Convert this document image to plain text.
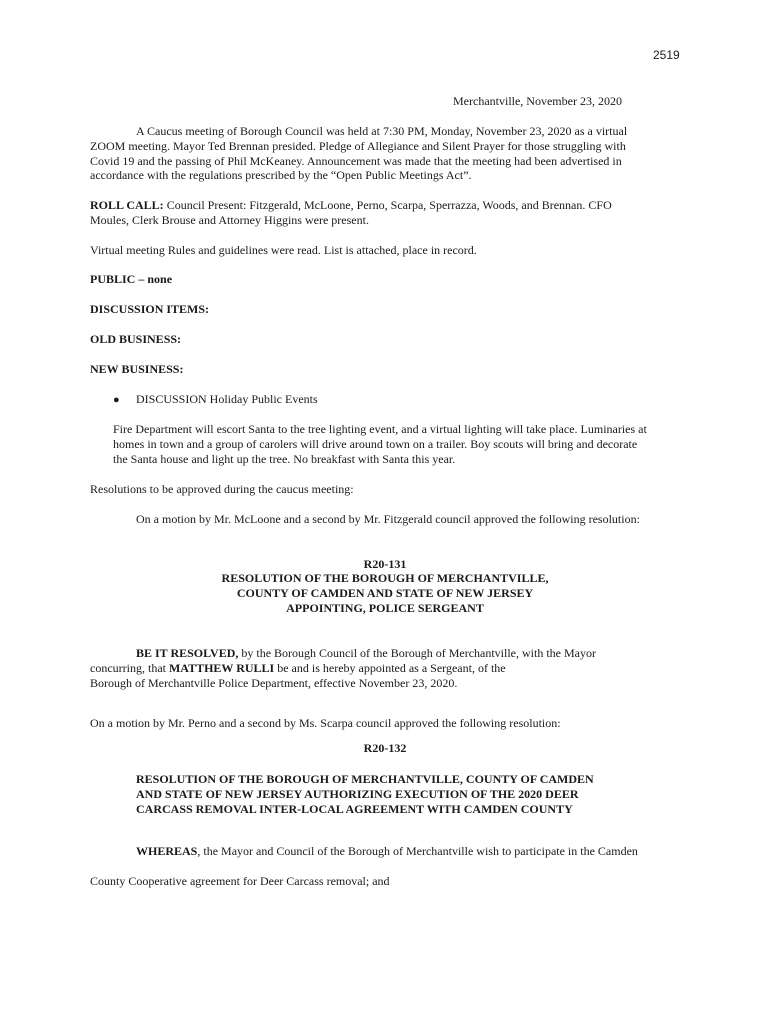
2519
Merchantville, November 23, 2020
A Caucus meeting of Borough Council was held at 7:30 PM, Monday, November 23, 2020 as a virtual
ZOOM meeting. Mayor Ted Brennan presided. Pledge of Allegiance and Silent Prayer for those struggling with
Covid 19 and the passing of Phil McKeaney. Announcement was made that the meeting had been advertised in
accordance with the regulations prescribed by the “Open Public Meetings Act”.
ROLL CALL: Council Present: Fitzgerald, McLoone, Perno, Scarpa, Sperrazza, Woods, and Brennan. CFO
Moules, Clerk Brouse and Attorney Higgins were present.
Virtual meeting Rules and guidelines were read. List is attached, place in record.
PUBLIC – none
DISCUSSION ITEMS:
OLD BUSINESS:
NEW BUSINESS:
● DISCUSSION Holiday Public Events
Fire Department will escort Santa to the tree lighting event, and a virtual lighting will take place. Luminaries at
homes in town and a group of carolers will drive around town on a trailer. Boy scouts will bring and decorate
the Santa house and light up the tree. No breakfast with Santa this year.
Resolutions to be approved during the caucus meeting:
On a motion by Mr. McLoone and a second by Mr. Fitzgerald council approved the following resolution:
R20-131
RESOLUTION OF THE BOROUGH OF MERCHANTVILLE,
COUNTY OF CAMDEN AND STATE OF NEW JERSEY
APPOINTING, POLICE SERGEANT
BE IT RESOLVED, by the Borough Council of the Borough of Merchantville, with the Mayor
concurring, that MATTHEW RULLI be and is hereby appointed as a Sergeant, of the
Borough of Merchantville Police Department, effective November 23, 2020.
On a motion by Mr. Perno and a second by Ms. Scarpa council approved the following resolution:
R20-132
RESOLUTION OF THE BOROUGH OF MERCHANTVILLE, COUNTY OF CAMDEN
AND STATE OF NEW JERSEY AUTHORIZING EXECUTION OF THE 2020 DEER
CARCASS REMOVAL INTER-LOCAL AGREEMENT WITH CAMDEN COUNTY
WHEREAS, the Mayor and Council of the Borough of Merchantville wish to participate in the Camden
County Cooperative agreement for Deer Carcass removal; and
